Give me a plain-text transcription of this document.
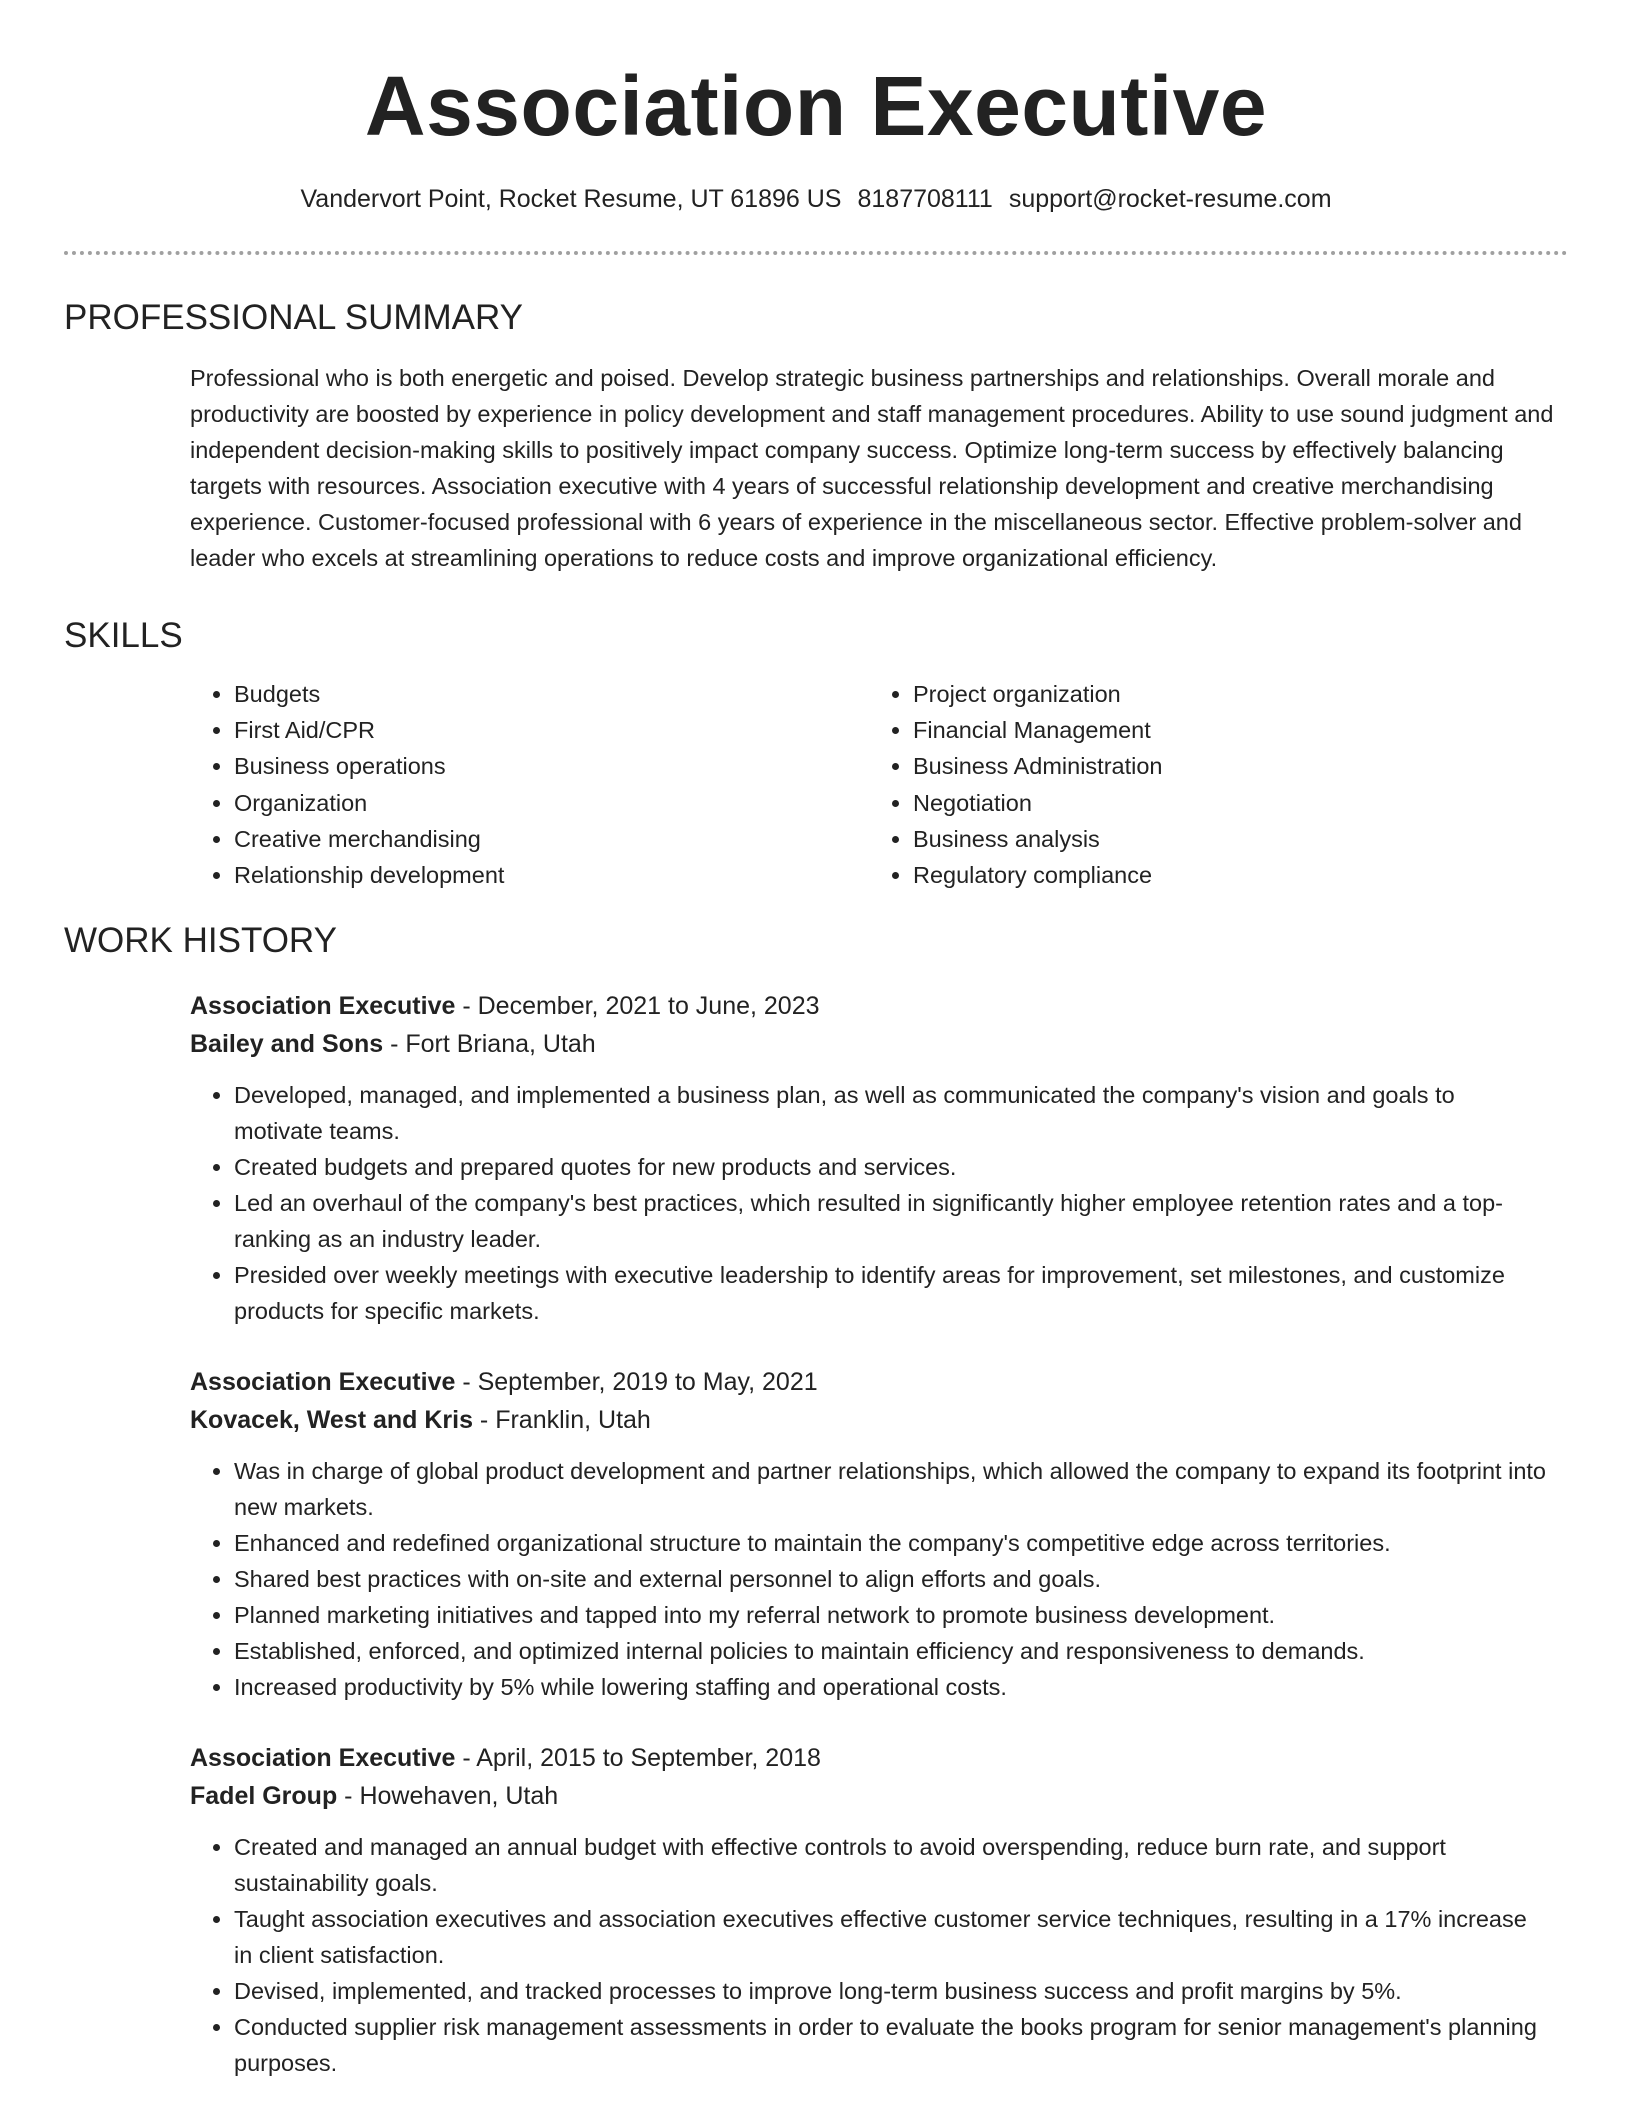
Association Executive
Vandervort Point, Rocket Resume, UT 61896 US 8187708111 support@rocket-resume.com
PROFESSIONAL SUMMARY

Professional who is both energetic and poised. Develop strategic business partnerships and relationships. Overall morale and productivity are boosted by experience in policy development and staff management procedures. Ability to use sound judgment and independent decision-making skills to positively impact company success. Optimize long-term success by effectively balancing targets with resources. Association executive with 4 years of successful relationship development and creative merchandising experience. Customer-focused professional with 6 years of experience in the miscellaneous sector. Effective problem-solver and leader who excels at streamlining operations to reduce costs and improve organizational efficiency.

SKILLS
• Budgets
• First Aid/CPR
• Business operations
• Organization
• Creative merchandising
• Relationship development
• Project organization
• Financial Management
• Business Administration
• Negotiation
• Business analysis
• Regulatory compliance
WORK HISTORY
Association Executive - December, 2021 to June, 2023
Bailey and Sons - Fort Briana, Utah
• Developed, managed, and implemented a business plan, as well as communicated the company's vision and goals to motivate teams.
• Created budgets and prepared quotes for new products and services.
• Led an overhaul of the company's best practices, which resulted in significantly higher employee retention rates and a top-ranking as an industry leader.
• Presided over weekly meetings with executive leadership to identify areas for improvement, set milestones, and customize products for specific markets.
Association Executive - September, 2019 to May, 2021
Kovacek, West and Kris - Franklin, Utah
• Was in charge of global product development and partner relationships, which allowed the company to expand its footprint into new markets.
• Enhanced and redefined organizational structure to maintain the company's competitive edge across territories.
• Shared best practices with on-site and external personnel to align efforts and goals.
• Planned marketing initiatives and tapped into my referral network to promote business development.
• Established, enforced, and optimized internal policies to maintain efficiency and responsiveness to demands.
• Increased productivity by 5% while lowering staffing and operational costs.
Association Executive - April, 2015 to September, 2018
Fadel Group - Howehaven, Utah
• Created and managed an annual budget with effective controls to avoid overspending, reduce burn rate, and support sustainability goals.
• Taught association executives and association executives effective customer service techniques, resulting in a 17% increase in client satisfaction.
• Devised, implemented, and tracked processes to improve long-term business success and profit margins by 5%.
• Conducted supplier risk management assessments in order to evaluate the books program for senior management's planning purposes.
